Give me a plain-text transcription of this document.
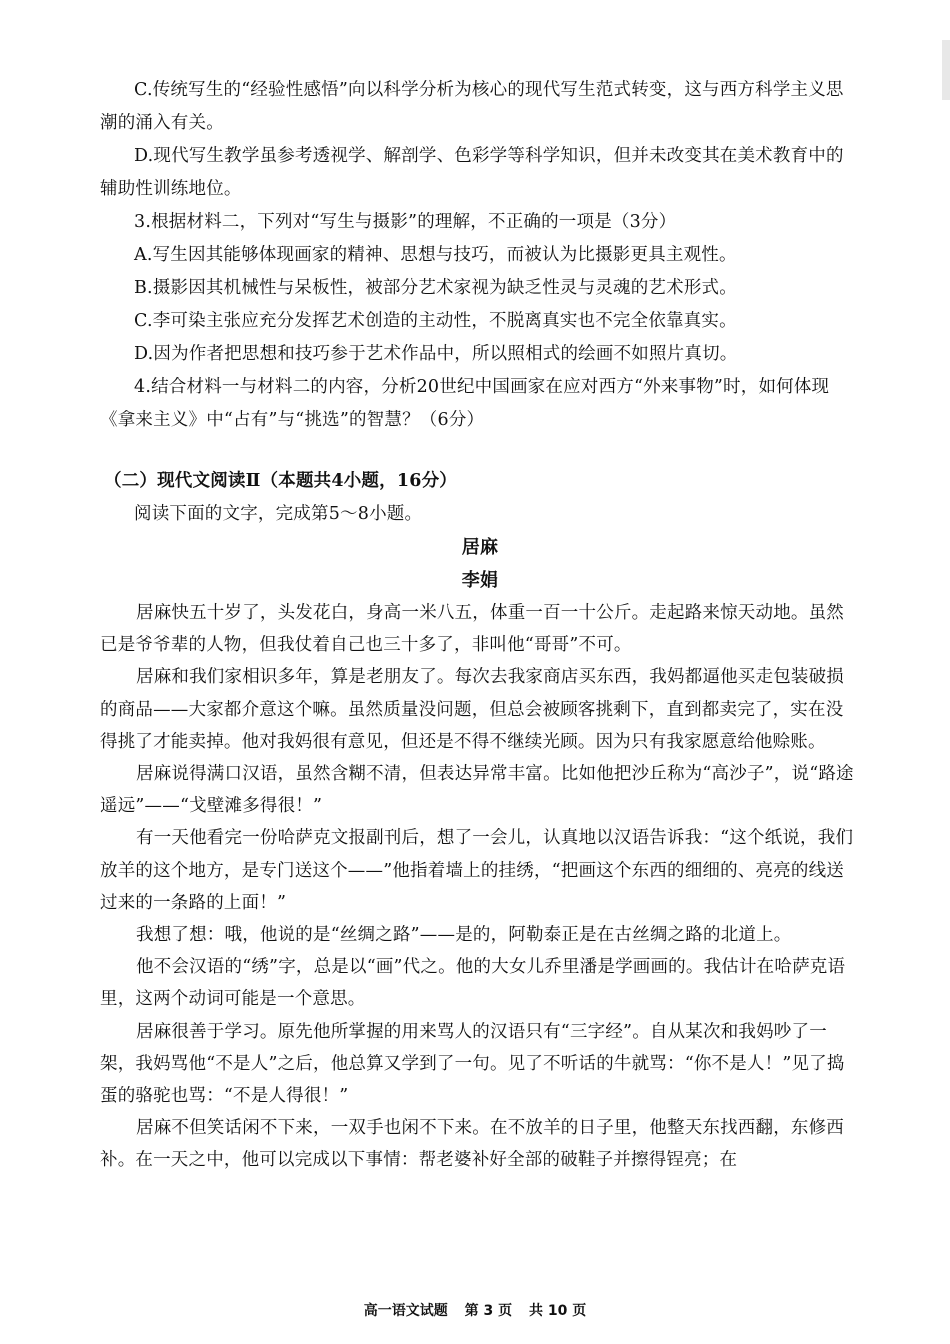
C.传统写生的“经验性感悟”向以科学分析为核心的现代写生范式转变，这与西方科学主义思潮的涌入有关。

D.现代写生教学虽参考透视学、解剖学、色彩学等科学知识，但并未改变其在美术教育中的辅助性训练地位。

3.根据材料二，下列对“写生与摄影”的理解，不正确的一项是（3分）

A.写生因其能够体现画家的精神、思想与技巧，而被认为比摄影更具主观性。

B.摄影因其机械性与呆板性，被部分艺术家视为缺乏性灵与灵魂的艺术形式。

C.李可染主张应充分发挥艺术创造的主动性，不脱离真实也不完全依靠真实。

D.因为作者把思想和技巧参于艺术作品中，所以照相式的绘画不如照片真切。

4.结合材料一与材料二的内容，分析20世纪中国画家在应对西方“外来事物”时，如何体现《拿来主义》中“占有”与“挑选”的智慧？（6分）

（二）现代文阅读Ⅱ（本题共4小题，16分）

阅读下面的文字，完成第5～8小题。

居麻

李娟

居麻快五十岁了，头发花白，身高一米八五，体重一百一十公斤。走起路来惊天动地。虽然已是爷爷辈的人物，但我仗着自己也三十多了，非叫他“哥哥”不可。

居麻和我们家相识多年，算是老朋友了。每次去我家商店买东西，我妈都逼他买走包装破损的商品——大家都介意这个嘛。虽然质量没问题，但总会被顾客挑剩下，直到都卖完了，实在没得挑了才能卖掉。他对我妈很有意见，但还是不得不继续光顾。因为只有我家愿意给他赊账。

居麻说得满口汉语，虽然含糊不清，但表达异常丰富。比如他把沙丘称为“高沙子”，说“路途遥远”——“戈壁滩多得很！”

有一天他看完一份哈萨克文报副刊后，想了一会儿，认真地以汉语告诉我：“这个纸说，我们放羊的这个地方，是专门送这个——”他指着墙上的挂绣，“把画这个东西的细细的、亮亮的线送过来的一条路的上面！”

我想了想：哦，他说的是“丝绸之路”——是的，阿勒泰正是在古丝绸之路的北道上。

他不会汉语的“绣”字，总是以“画”代之。他的大女儿乔里潘是学画画的。我估计在哈萨克语里，这两个动词可能是一个意思。

居麻很善于学习。原先他所掌握的用来骂人的汉语只有“三字经”。自从某次和我妈吵了一架，我妈骂他“不是人”之后，他总算又学到了一句。见了不听话的牛就骂：“你不是人！”见了捣蛋的骆驼也骂：“不是人得很！”

居麻不但笑话闲不下来，一双手也闲不下来。在不放羊的日子里，他整天东找西翻，东修西补。在一天之中，他可以完成以下事情：帮老婆补好全部的破鞋子并擦得锃亮；在

高一语文试题 第 3 页 共 10 页
